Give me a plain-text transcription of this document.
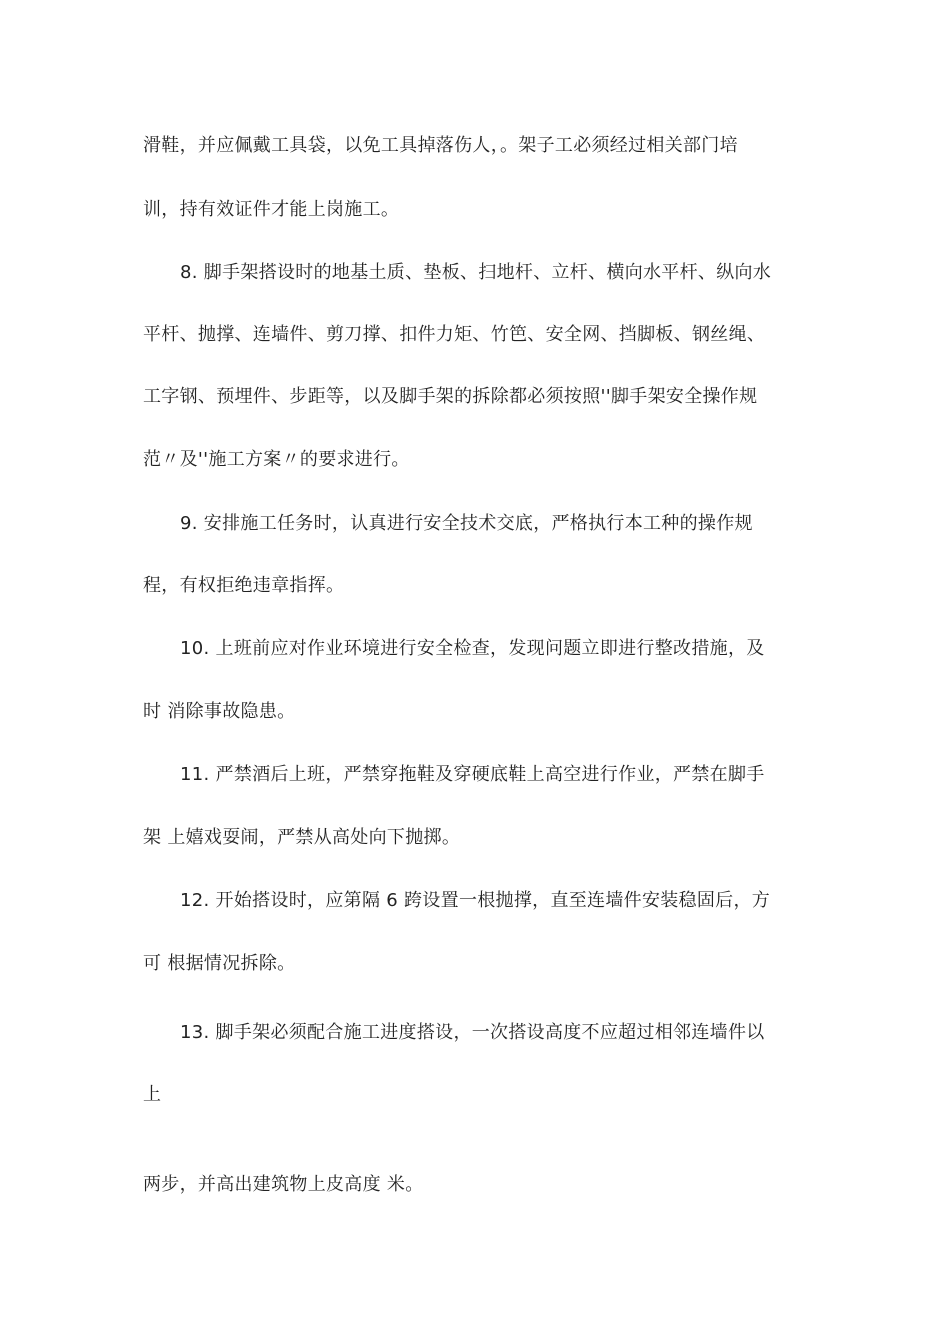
滑鞋，并应佩戴工具袋，以免工具掉落伤人，。架子工必须经过相关部门培
训，持有效证件才能上岗施工。
8. 脚手架搭设时的地基土质、垫板、扫地杆、立杆、横向水平杆、纵向水
平杆、抛撑、连墙件、剪刀撑、扣件力矩、竹笆、安全网、挡脚板、钢丝绳、
工字钢、预埋件、步距等，以及脚手架的拆除都必须按照''脚手架安全操作规
范〃及''施工方案〃的要求进行。
9. 安排施工任务时，认真进行安全技术交底，严格执行本工种的操作规
程，有权拒绝违章指挥。
10. 上班前应对作业环境进行安全检查，发现问题立即进行整改措施，及
时 消除事故隐患。
11. 严禁酒后上班，严禁穿拖鞋及穿硬底鞋上高空进行作业，严禁在脚手
架 上嬉戏耍闹，严禁从高处向下抛掷。
12. 开始搭设时，应第隔 6 跨设置一根抛撑，直至连墙件安装稳固后，方
可 根据情况拆除。
13. 脚手架必须配合施工进度搭设，一次搭设高度不应超过相邻连墙件以
上
两步，并高出建筑物上皮高度 米。
